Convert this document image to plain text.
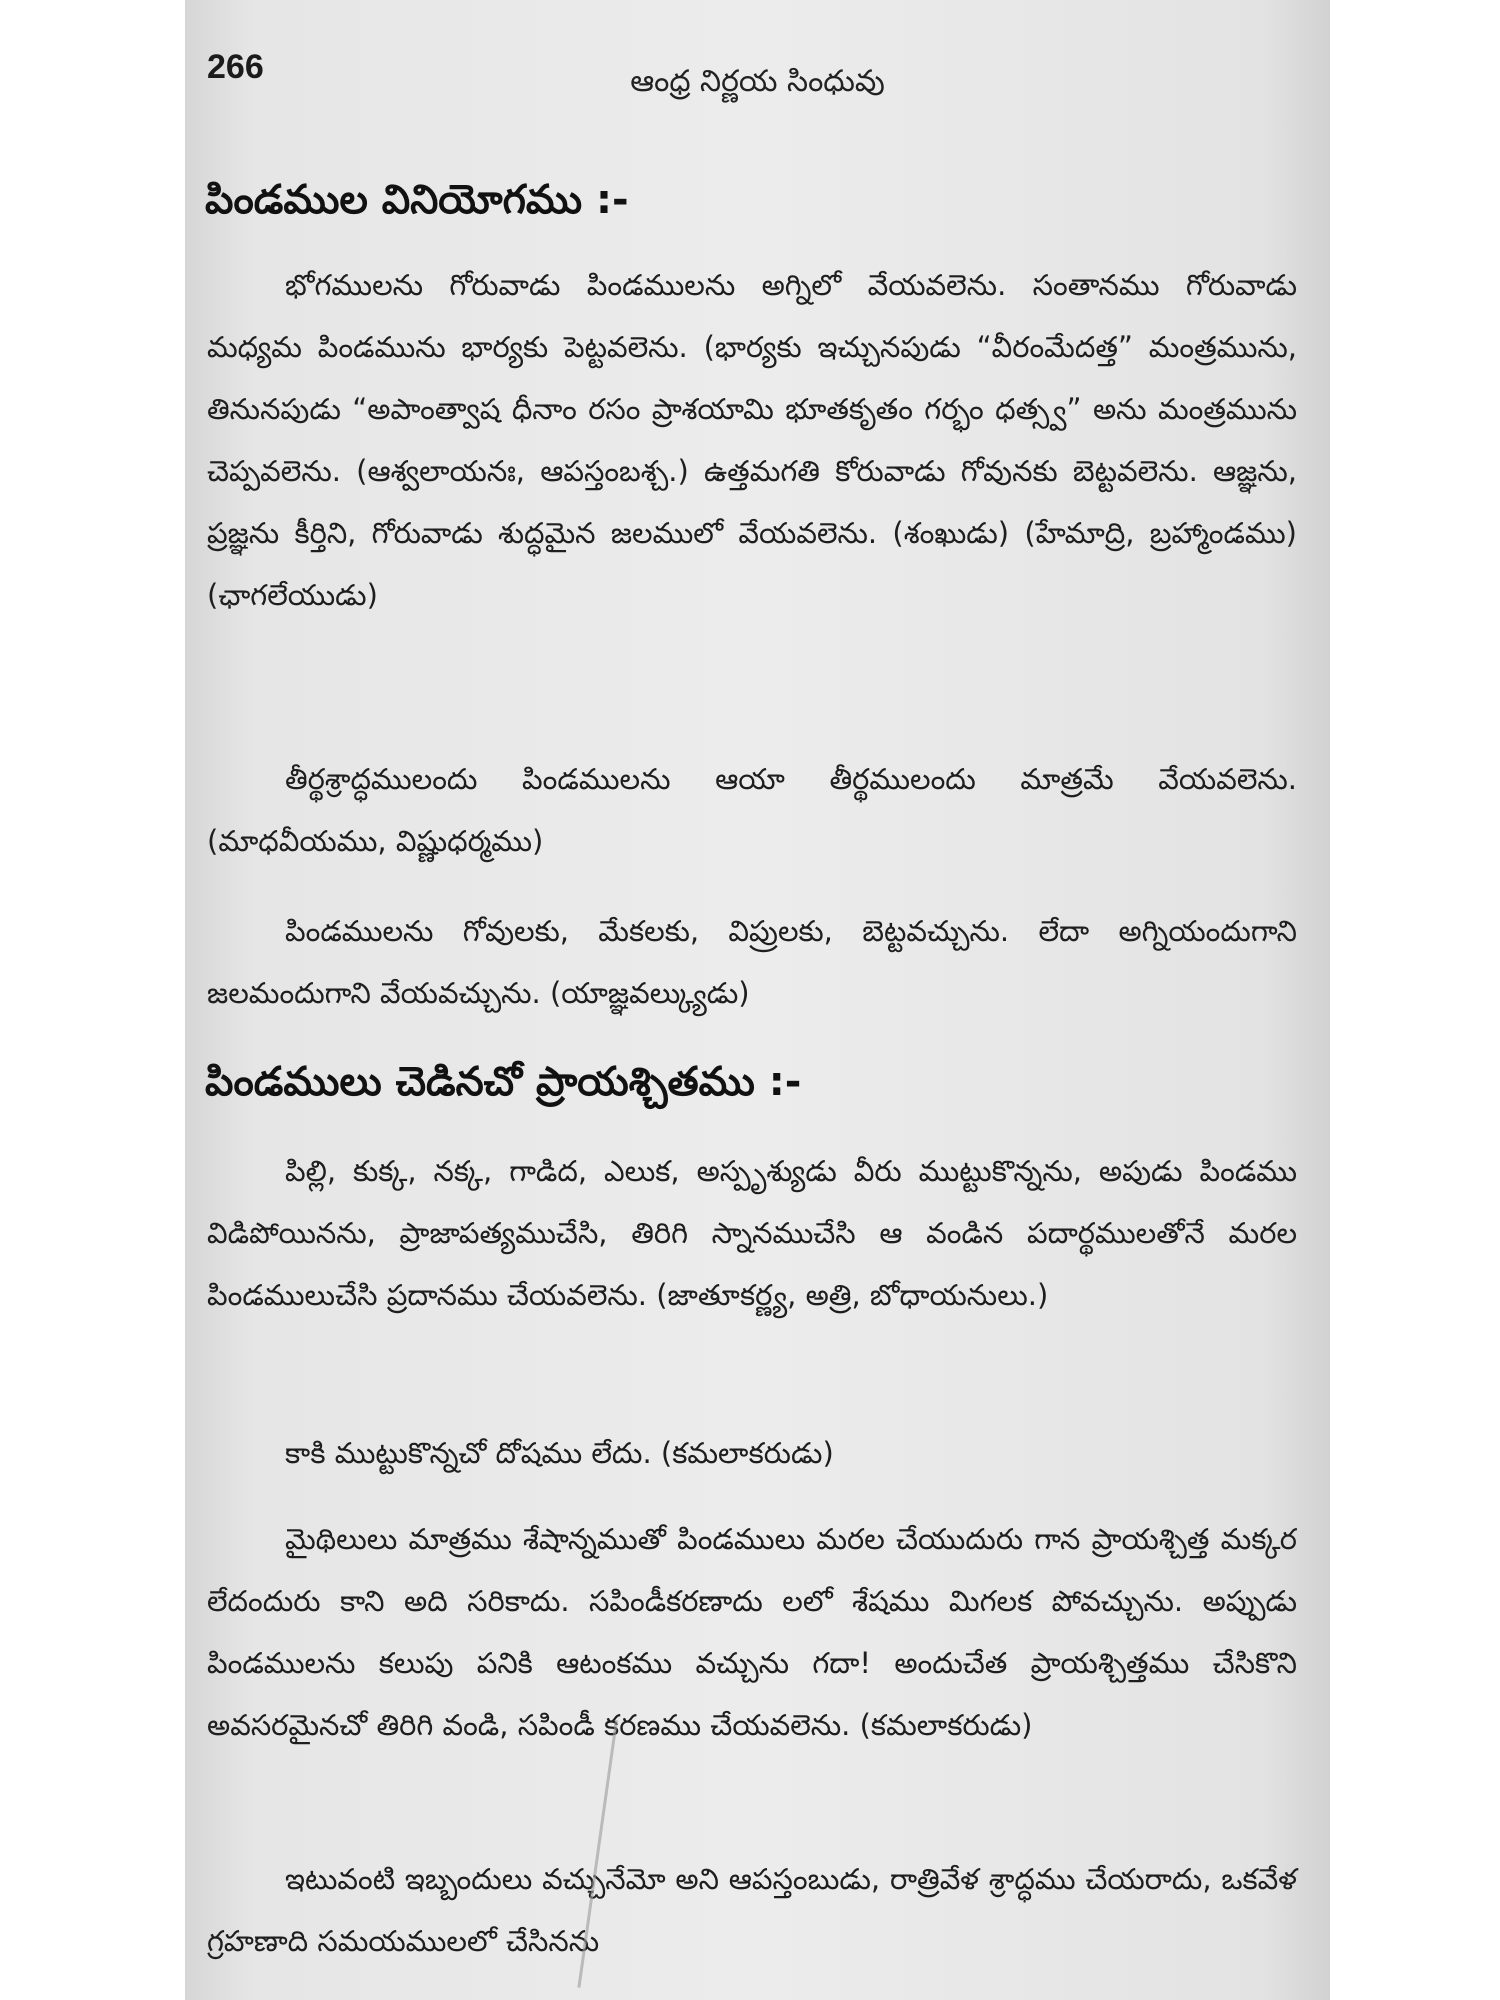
266	ఆంధ్ర నిర్ణయ సింధువు
పిండముల వినియోగము :-
భోగములను గోరువాడు పిండములను అగ్నిలో వేయవలెను. సంతానము గోరువాడు మధ్యమ పిండమును భార్యకు పెట్టవలెను. (భార్యకు ఇచ్చునపుడు “వీరంమేదత్త” మంత్రమును, తినునపుడు “అపాంత్వాష ధీనాం రసం ప్రాశయామి భూతకృతం గర్భం ధత్స్వ” అను మంత్రమును చెప్పవలెను. (ఆశ్వలాయనః, ఆపస్తంబశ్చ.) ఉత్తమగతి కోరువాడు గోవునకు బెట్టవలెను. ఆజ్ఞను, ప్రజ్ఞను కీర్తిని, గోరువాడు శుద్ధమైన జలములో వేయవలెను. (శంఖుడు) (హేమాద్రి, బ్రహ్మాండము) (ఛాగలేయుడు)
తీర్థశ్రాద్ధములందు పిండములను ఆయా తీర్థములందు మాత్రమే వేయవలెను. (మాధవీయము, విష్ణుధర్మము)
పిండములను గోవులకు, మేకలకు, విప్రులకు, బెట్టవచ్చును. లేదా అగ్నియందుగాని జలమందుగాని వేయవచ్చును. (యాజ్ఞవల్క్యుడు)
పిండములు చెడినచో ప్రాయశ్చితము :-
పిల్లి, కుక్క, నక్క, గాడిద, ఎలుక, అస్పృశ్యుడు వీరు ముట్టుకొన్నను, అపుడు పిండము విడిపోయినను, ప్రాజాపత్యముచేసి, తిరిగి స్నానముచేసి ఆ వండిన పదార్థములతోనే మరల పిండములుచేసి ప్రదానము చేయవలెను. (జాతూకర్ణ్య, అత్రి, బోధాయనులు.)
కాకి ముట్టుకొన్నచో దోషము లేదు. (కమలాకరుడు)
మైథిలులు మాత్రము శేషాన్నముతో పిండములు మరల చేయుదురు గాన ప్రాయశ్చిత్త మక్కర లేదందురు కాని అది సరికాదు. సపిండీకరణాదు లలో శేషము మిగలక పోవచ్చును. అప్పుడు పిండములను కలుపు పనికి ఆటంకము వచ్చును గదా! అందుచేత ప్రాయశ్చిత్తము చేసికొని అవసరమైనచో తిరిగి వండి, సపిండీ కరణము చేయవలెను. (కమలాకరుడు)
ఇటువంటి ఇబ్బందులు వచ్చునేమో అని ఆపస్తంబుడు, రాత్రివేళ శ్రాద్ధము చేయరాదు, ఒకవేళ గ్రహణాది సమయములలో చేసినను
